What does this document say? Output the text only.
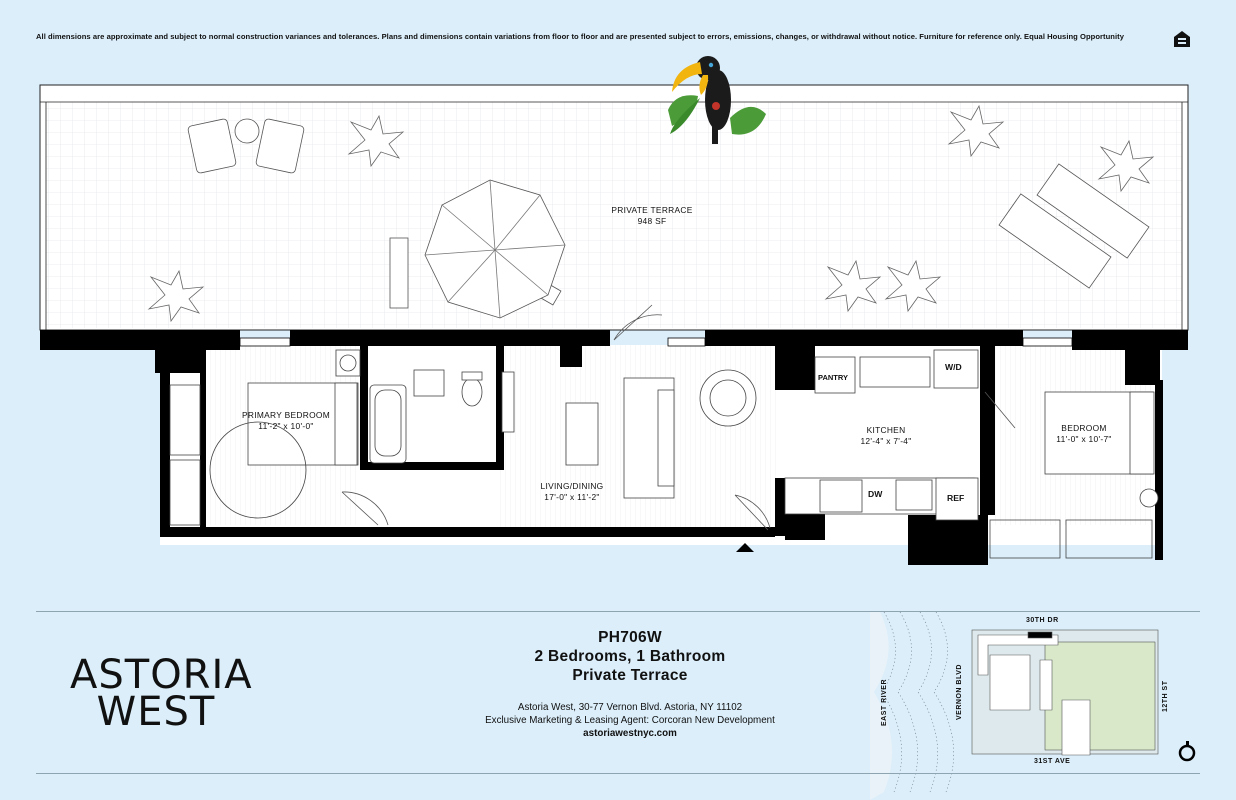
All dimensions are approximate and subject to normal construction variances and tolerances. Plans and dimensions contain variations from floor to floor and are presented subject to errors, emissions, changes, or withdrawal without notice. Furniture for reference only. Equal Housing Opportunity
PRIVATE TERRACE
948 SF
PRIMARY BEDROOM
11'-2" x 10'-0"
LIVING/DINING
17'-0" x 11'-2"
KITCHEN
12'-4" x 7'-4"
BEDROOM
11'-0" x 10'-7"
PANTRY
W/D
DW	REF
ASTORIA
WEST
PH706W
2 Bedrooms, 1 Bathroom
Private Terrace
Astoria West, 30-77 Vernon Blvd. Astoria, NY 11102
Exclusive Marketing & Leasing Agent: Corcoran New Development
astoriawestnyc.com
EAST RIVER	VERNON BLVD
30TH DR
12TH ST
31ST AVE
